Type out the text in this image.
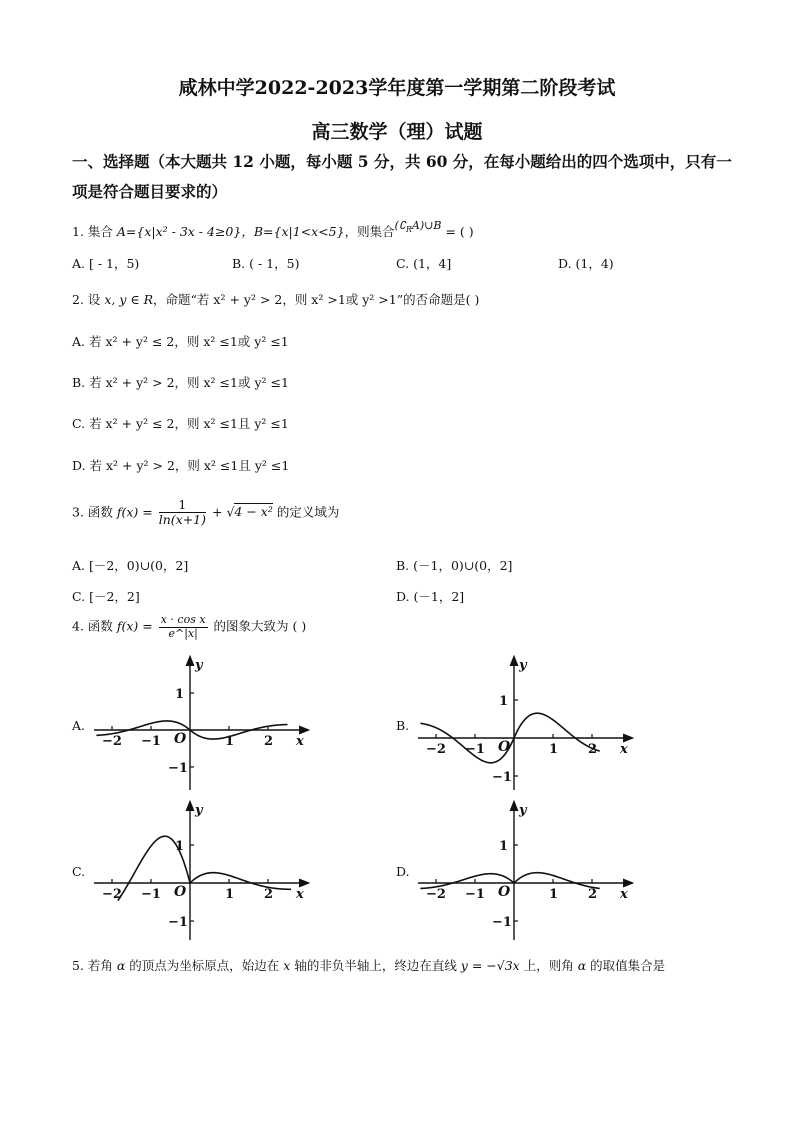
咸林中学2022-2023学年度第一学期第二阶段考试
高三数学（理）试题
一、选择题（本大题共 12 小题，每小题 5 分，共 60 分，在每小题给出的四个选项中，只有一
项是符合题目要求的）
1. 集合 A={x|x² - 3x - 4≥0}，B={x|1<x<5}，则集合$(∁_RA)\cup B$ = ( )
A. [ - 1，5)	B. ( - 1，5)	C. (1，4]	D. (1，4)
2. 设 x, y ∈ R，命题“若 x² + y² > 2，则 x² >1或 y² >1”的否命题是( )
A. 若 x² + y² ≤ 2，则 x² ≤1或 y² ≤1
B. 若 x² + y² > 2，则 x² ≤1或 y² ≤1
C. 若 x² + y² ≤ 2，则 x² ≤1且 y² ≤1
D. 若 x² + y² > 2，则 x² ≤1且 y² ≤1
3. 函数 $f(x) = \frac{1}{\ln(x+1)} + √4 - x^2$ 的定义域为
A. [－2，0)∪(0，2]	B. (－1，0)∪(0，2]
C. [－2，2]	D. (－1，2]
4. 函数 $f(x) = \frac{\text{x · cos x}}{e\^{}|x|}$ 的图象大致为 ( )
A.	B.
C.	D.
−2 −1	1 2
1
−1
y
x
O
−2 −1	1 2
1
−1
y
x
O
−2 −1	1 2
1
−1
y
x
O	−2 −1	1 2
1
−1
y
x
O
5. 若角 α 的顶点为坐标原点，始边在 x 轴的非负半轴上，终边在直线 y = −√3x 上，则角 α 的取值集合是
